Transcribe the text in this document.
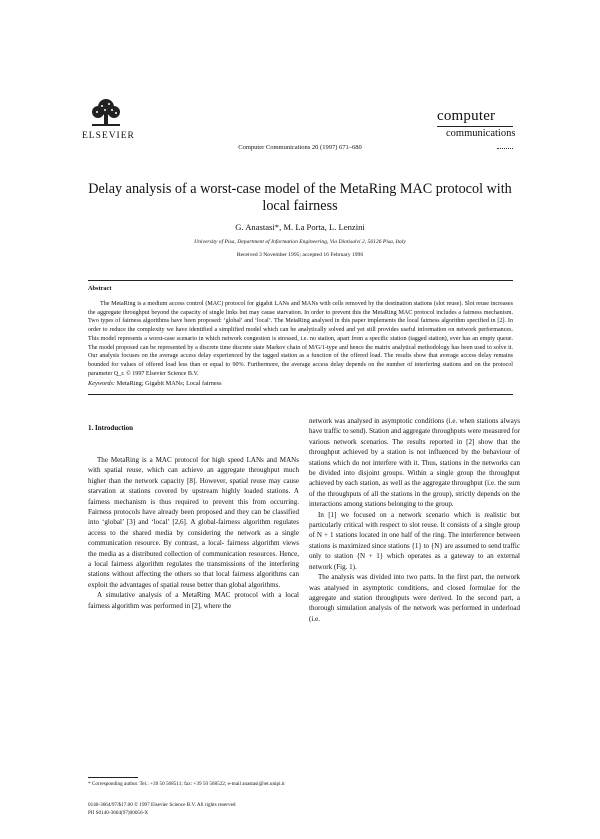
ELSEVIER
Computer Communications 20 (1997) 671–680
computer
communications
Delay analysis of a worst-case model of the MetaRing MAC protocol with local fairness
G. Anastasi*, M. La Porta, L. Lenzini
University of Pisa, Department of Information Engineering, Via Diotisalvi 2, 56126 Pisa, Italy
Received 3 November 1995; accepted 16 February 1996
Abstract
The MetaRing is a medium access control (MAC) protocol for gigabit LANs and MANs with cells removed by the destination stations (slot reuse). Slot reuse increases the aggregate throughput beyond the capacity of single links but may cause starvation. In order to prevent this the MetaRing MAC protocol includes a fairness mechanism. Two types of fairness algorithms have been proposed: ‘global’ and ‘local’. The MetaRing analysed in this paper implements the local fairness algorithm specified in [2]. In order to reduce the complexity we have identified a simplified model which can be analytically solved and yet still provides useful information on network performances. This model represents a worst-case scenario in which network congestion is stressed, i.e. no station, apart from a specific station (tagged station), ever has an empty queue. The model proposed can be represented by a discrete time discrete state Markov chain of M/G/1-type and hence the matrix analytical methodology has been used to solve it. Our analysis focuses on the average access delay experienced by the tagged station as a function of the offered load. The results show that average access delay remains bounded for values of offered load less than or equal to 90%. Furthermore, the average access delay depends on the number of interfering stations and on the protocol parameter Q_r. © 1997 Elsevier Science B.V.
Keywords: MetaRing; Gigabit MANs; Local fairness
1. Introduction

The MetaRing is a MAC protocol for high speed LANs and MANs with spatial reuse, which can achieve an aggregate throughput much higher than the network capacity [8]. However, spatial reuse may cause starvation at stations covered by upstream highly loaded stations. A fairness mechanism is thus required to prevent this from occurring. Fairness protocols have already been proposed and they can be classified into ‘global’ [3] and ‘local’ [2,6]. A global-fairness algorithm regulates access to the shared media by considering the network as a single communication resource. By contrast, a local- fairness algorithm views the media as a distributed collection of communication resources. Hence, a local fairness algorithm regulates the transmissions of the interfering stations without affecting the others so that local fairness algorithms can exploit the advantages of spatial reuse better than global algorithms.

A simulative analysis of a MetaRing MAC protocol with a local fairness algorithm was performed in [2], where the

network was analysed in asymptotic conditions (i.e. when stations always have traffic to send). Station and aggregate throughputs were measured for various network scenarios. The results reported in [2] show that the throughput achieved by a station is not influenced by the behaviour of stations which do not interfere with it. Thus, stations in the networks can be divided into disjoint groups. Within a single group the throughput achieved by each station, as well as the aggregate throughput (i.e. the sum of the throughputs of all the stations in the group), strictly depends on the interactions among stations belonging to the group.

In [1] we focused on a network scenario which is realistic but particularly critical with respect to slot reuse. It consists of a single group of N + 1 stations located in one half of the ring. The interference between stations is maximized since stations {1} to {N} are assumed to send traffic only to station {N + 1} which operates as a gateway to an external network (Fig. 1).

The analysis was divided into two parts. In the first part, the network was analysed in asymptotic conditions, and closed formulae for the aggregate and station throughputs were derived. In the second part, a thorough simulation analysis of the network was performed in underload (i.e.

* Corresponding author. Tel.: +39 50 568511; fax: +39 50 568522; e-mail anastasi@iet.unipi.it
0140-3664/97/$17.00 © 1997 Elsevier Science B.V. All rights reserved
PII S0140-3664(97)00056-X
